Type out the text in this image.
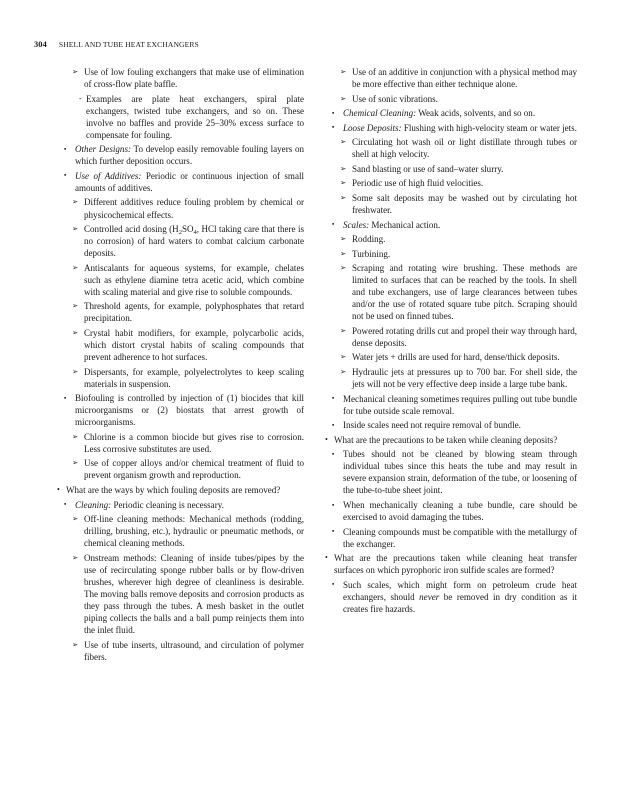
304 SHELL AND TUBE HEAT EXCHANGERS
➢ Use of low fouling exchangers that make use of elimination of cross-flow plate baffle.
- Examples are plate heat exchangers, spiral plate exchangers, twisted tube exchangers, and so on. These involve no baffles and provide 25–30% excess surface to compensate for fouling.
▪ Other Designs: To develop easily removable fouling layers on which further deposition occurs.
▪ Use of Additives: Periodic or continuous injection of small amounts of additives.
➢ Different additives reduce fouling problem by chemical or physicochemical effects.
➢ Controlled acid dosing ($H_2SO_4$, HCl taking care that there is no corrosion) of hard waters to combat calcium carbonate deposits.
➢ Antiscalants for aqueous systems, for example, chelates such as ethylene diamine tetra acetic acid, which combine with scaling material and give rise to soluble compounds.
➢ Threshold agents, for example, polyphosphates that retard precipitation.
➢ Crystal habit modifiers, for example, polycarbolic acids, which distort crystal habits of scaling compounds that prevent adherence to hot surfaces.
➢ Dispersants, for example, polyelectrolytes to keep scaling materials in suspension.
▪ Biofouling is controlled by injection of (1) biocides that kill microorganisms or (2) biostats that arrest growth of microorganisms.
➢ Chlorine is a common biocide but gives rise to corrosion. Less corrosive substitutes are used.
➢ Use of copper alloys and/or chemical treatment of fluid to prevent organism growth and reproduction.
• What are the ways by which fouling deposits are removed?
▪ Cleaning: Periodic cleaning is necessary.
➢ Off-line cleaning methods: Mechanical methods (rodding, drilling, brushing, etc.), hydraulic or pneumatic methods, or chemical cleaning methods.
➢ Onstream methods: Cleaning of inside tubes/pipes by the use of recirculating sponge rubber balls or by flow-driven brushes, wherever high degree of cleanliness is desirable. The moving balls remove deposits and corrosion products as they pass through the tubes. A mesh basket in the outlet piping collects the balls and a ball pump reinjects them into the inlet fluid.
➢ Use of tube inserts, ultrasound, and circulation of polymer fibers.
➢ Use of an additive in conjunction with a physical method may be more effective than either technique alone.
➢ Use of sonic vibrations.
▪ Chemical Cleaning: Weak acids, solvents, and so on.
▪ Loose Deposits: Flushing with high-velocity steam or water jets.
➢ Circulating hot wash oil or light distillate through tubes or shell at high velocity.
➢ Sand blasting or use of sand–water slurry.
➢ Periodic use of high fluid velocities.
➢ Some salt deposits may be washed out by circulating hot freshwater.
▪ Scales: Mechanical action.
➢ Rodding.
➢ Turbining.
➢ Scraping and rotating wire brushing. These methods are limited to surfaces that can be reached by the tools. In shell and tube exchangers, use of large clearances between tubes and/or the use of rotated square tube pitch. Scraping should not be used on finned tubes.
➢ Powered rotating drills cut and propel their way through hard, dense deposits.
➢ Water jets + drills are used for hard, dense/thick deposits.
➢ Hydraulic jets at pressures up to 700 bar. For shell side, the jets will not be very effective deep inside a large tube bank.
▪ Mechanical cleaning sometimes requires pulling out tube bundle for tube outside scale removal.
▪ Inside scales need not require removal of bundle.
• What are the precautions to be taken while cleaning deposits?
▪ Tubes should not be cleaned by blowing steam through individual tubes since this heats the tube and may result in severe expansion strain, deformation of the tube, or loosening of the tube-to-tube sheet joint.
▪ When mechanically cleaning a tube bundle, care should be exercised to avoid damaging the tubes.
▪ Cleaning compounds must be compatible with the metallurgy of the exchanger.
• What are the precautions taken while cleaning heat transfer surfaces on which pyrophoric iron sulfide scales are formed?
▪ Such scales, which might form on petroleum crude heat exchangers, should never be removed in dry condition as it creates fire hazards.
